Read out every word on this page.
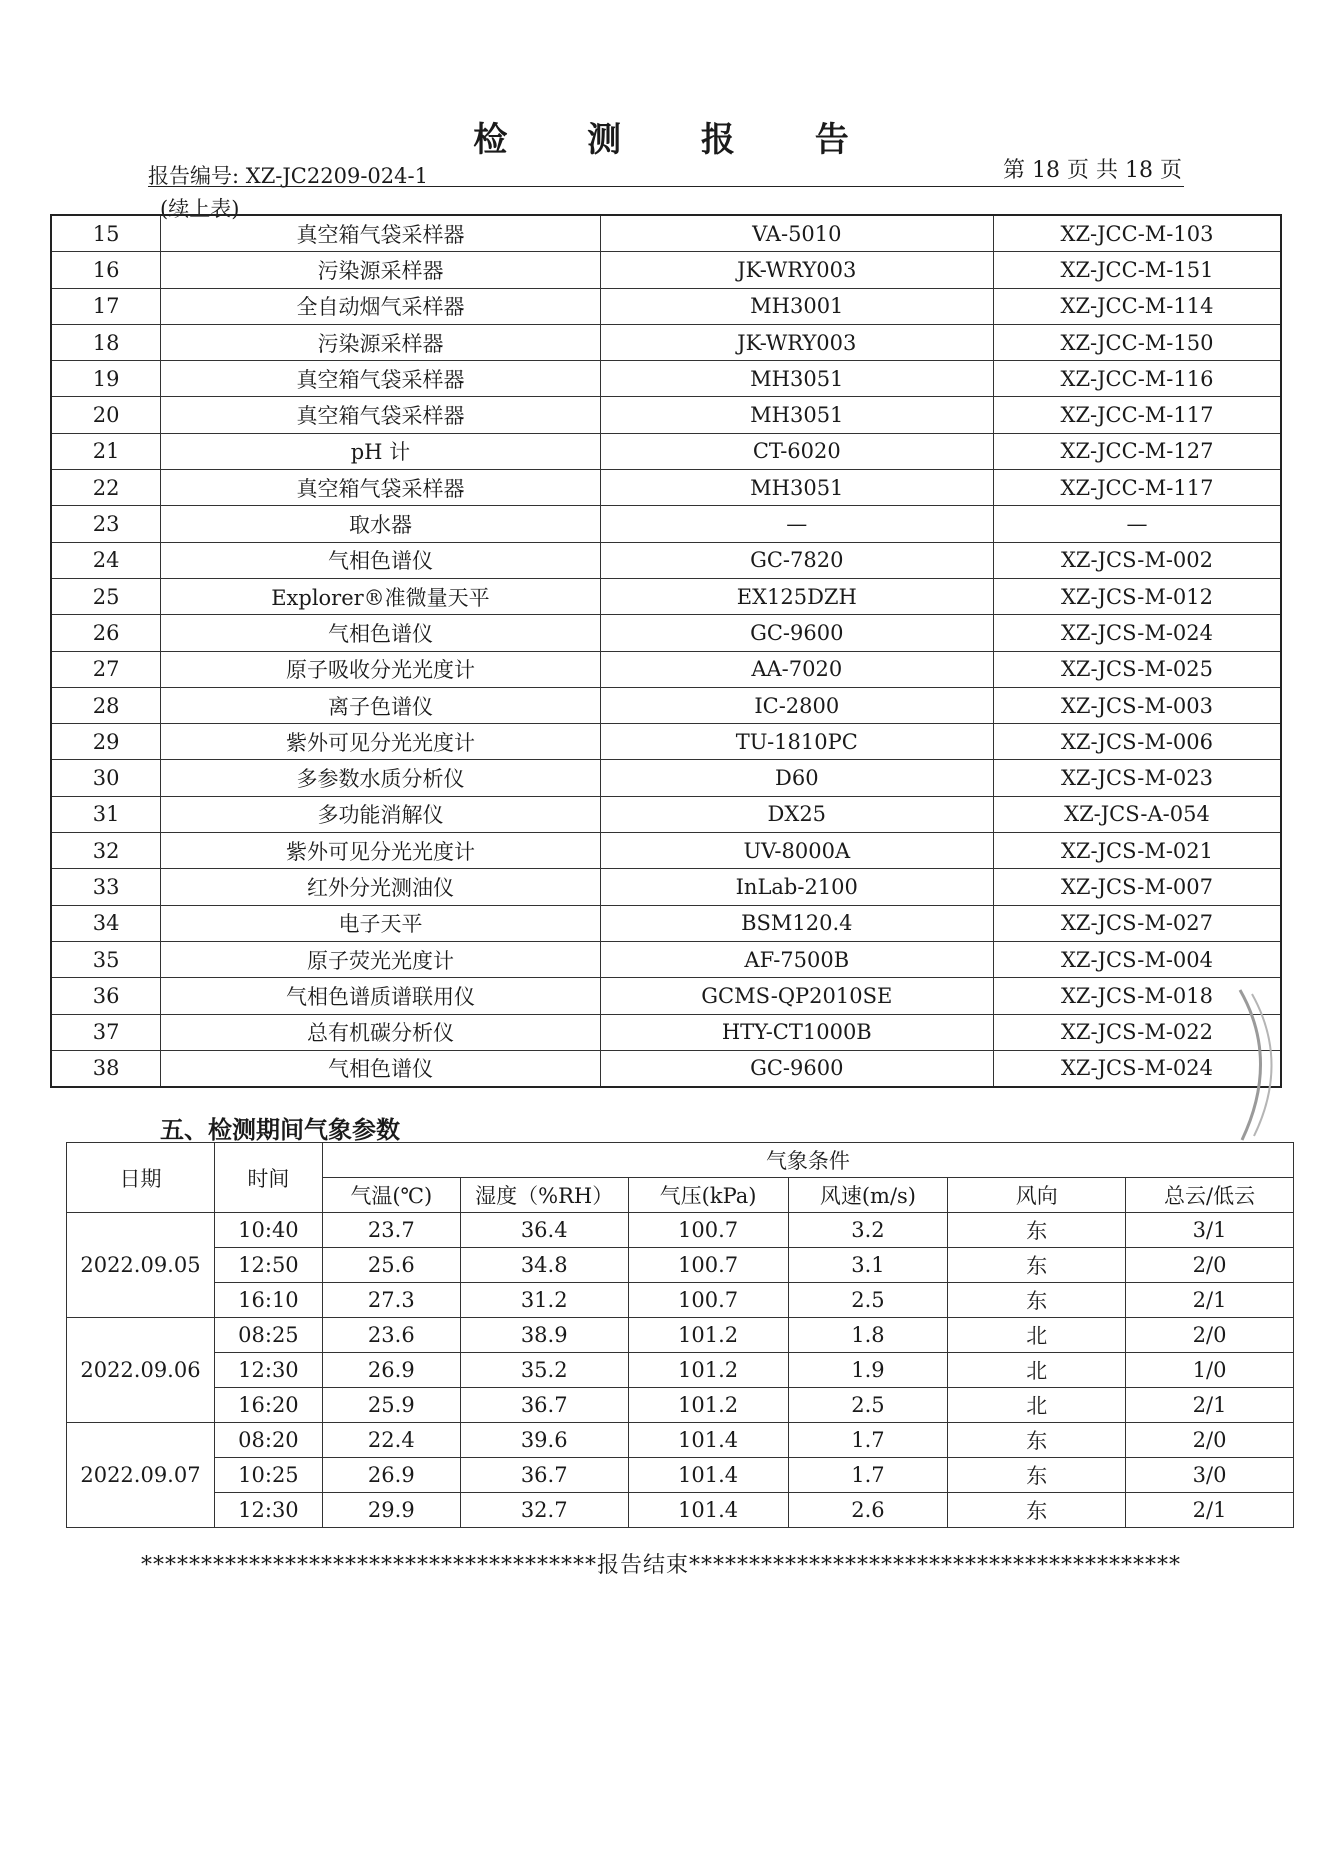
检 测 报 告
报告编号: XZ-JC2209-024-1	第 18 页 共 18 页
(续上表)
15	真空箱气袋采样器	VA-5010	XZ-JCC-M-103
16	污染源采样器	JK-WRY003	XZ-JCC-M-151
17	全自动烟气采样器	MH3001	XZ-JCC-M-114
18	污染源采样器	JK-WRY003	XZ-JCC-M-150
19	真空箱气袋采样器	MH3051	XZ-JCC-M-116
20	真空箱气袋采样器	MH3051	XZ-JCC-M-117
21	pH 计	CT-6020	XZ-JCC-M-127
22	真空箱气袋采样器	MH3051	XZ-JCC-M-117
23	取水器	—	—
24	气相色谱仪	GC-7820	XZ-JCS-M-002
25	Explorer®准微量天平	EX125DZH	XZ-JCS-M-012
26	气相色谱仪	GC-9600	XZ-JCS-M-024
27	原子吸收分光光度计	AA-7020	XZ-JCS-M-025
28	离子色谱仪	IC-2800	XZ-JCS-M-003
29	紫外可见分光光度计	TU-1810PC	XZ-JCS-M-006
30	多参数水质分析仪	D60	XZ-JCS-M-023
31	多功能消解仪	DX25	XZ-JCS-A-054
32	紫外可见分光光度计	UV-8000A	XZ-JCS-M-021
33	红外分光测油仪	InLab-2100	XZ-JCS-M-007
34	电子天平	BSM120.4	XZ-JCS-M-027
35	原子荧光光度计	AF-7500B	XZ-JCS-M-004
36	气相色谱质谱联用仪	GCMS-QP2010SE	XZ-JCS-M-018
37	总有机碳分析仪	HTY-CT1000B	XZ-JCS-M-022
38	气相色谱仪	GC-9600	XZ-JCS-M-024
五、检测期间气象参数
日期	时间	气象条件					
		气温(℃)	湿度（%RH）	气压(kPa)	风速(m/s)	风向	总云/低云
2022.09.05	10:40	23.7	36.4	100.7	3.2	东	3/1
	12:50	25.6	34.8	100.7	3.1	东	2/0
	16:10	27.3	31.2	100.7	2.5	东	2/1
2022.09.06	08:25	23.6	38.9	101.2	1.8	北	2/0
	12:30	26.9	35.2	101.2	1.9	北	1/0
	16:20	25.9	36.7	101.2	2.5	北	2/1
2022.09.07	08:20	22.4	39.6	101.4	1.7	东	2/0
	10:25	26.9	36.7	101.4	1.7	东	3/0
	12:30	29.9	32.7	101.4	2.6	东	2/1
**************************************报告结束*****************************************
